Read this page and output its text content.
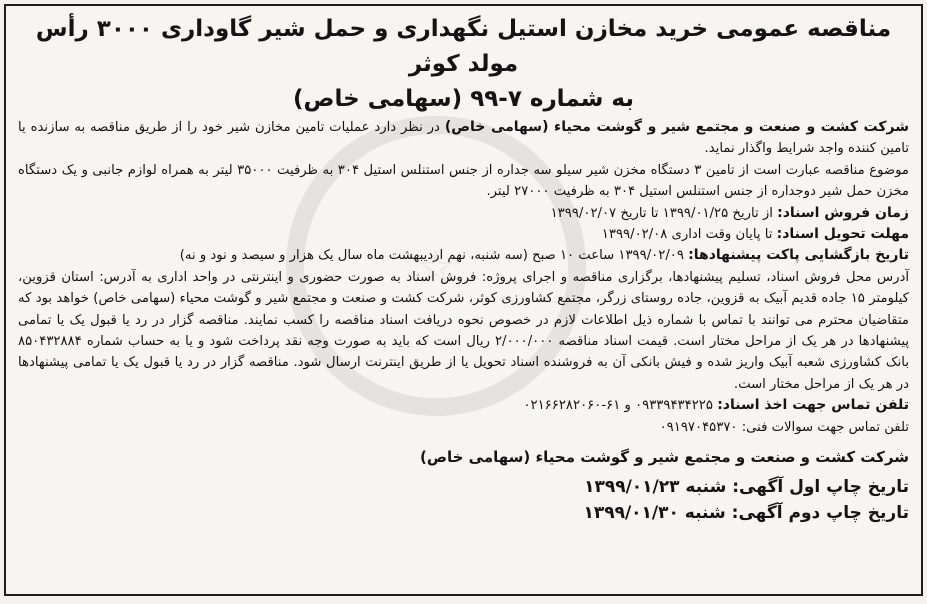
☆
مناقصه عمومی خرید مخازن استیل نگهداری و حمل شیر گاوداری ۳۰۰۰ رأس مولد کوثر
به شماره ۷-۹۹ (سهامی خاص)

شرکت کشت و صنعت و مجتمع شیر و گوشت محیاء (سهامی خاص) در نظر دارد عملیات تامین مخازن شیر خود را از طریق مناقصه به سازنده یا تامین کننده واجد شرایط واگذار نماید.

موضوع مناقصه عبارت است از تامین ۳ دستگاه مخزن شیر سیلو سه جداره از جنس استنلس استیل ۳۰۴ به ظرفیت ۳۵۰۰۰ لیتر به همراه لوازم جانبی و یک دستگاه مخزن حمل شیر دوجداره از جنس استنلس استیل ۳۰۴ به ظرفیت ۲۷۰۰۰ لیتر.

زمان فروش اسناد: از تاریخ ۱۳۹۹/۰۱/۲۵ تا تاریخ ۱۳۹۹/۰۲/۰۷

مهلت تحویل اسناد: تا پایان وقت اداری ۱۳۹۹/۰۲/۰۸

تاریخ بازگشایی پاکت پیشنهادها: ۱۳۹۹/۰۲/۰۹ ساعت ۱۰ صبح (سه شنبه، نهم اردیبهشت ماه سال یک هزار و سیصد و نود و نه)

آدرس محل فروش اسناد، تسلیم پیشنهادها، برگزاری مناقصه و اجرای پروژه: فروش اسناد به صورت حضوری و اینترنتی در واحد اداری به آدرس: استان قزوین، کیلومتر ۱۵ جاده قدیم آبیک به قزوین، جاده روستای زرگر، مجتمع کشاورزی کوثر، شرکت کشت و صنعت و مجتمع شیر و گوشت محیاء (سهامی خاص) خواهد بود که متقاضیان محترم می توانند با تماس با شماره ذیل اطلاعات لازم در خصوص نحوه دریافت اسناد مناقصه را کسب نمایند. مناقصه گزار در رد یا قبول یک یا تمامی پیشنهادها در هر یک از مراحل مختار است. قیمت اسناد مناقصه ۲/۰۰۰/۰۰۰ ریال است که باید به صورت وجه نقد پرداخت شود و یا به حساب شماره ۸۵۰۴۳۲۸۸۴ بانک کشاورزی شعبه آبیک واریز شده و فیش بانکی آن به فروشنده اسناد تحویل یا از طریق اینترنت ارسال شود. مناقصه گزار در رد یا قبول یک یا تمامی پیشنهادها در هر یک از مراحل مختار است.

تلفن تماس جهت اخذ اسناد: ۰۹۳۳۹۴۳۴۲۲۵ و ۶۱-۰۲۱۶۶۲۸۲۰۶۰

تلفن تماس جهت سوالات فنی: ۰۹۱۹۷۰۴۵۳۷۰

شرکت کشت و صنعت و مجتمع شیر و گوشت محیاء (سهامی خاص)

تاریخ چاپ اول آگهی: شنبه ۱۳۹۹/۰۱/۲۳

تاریخ چاپ دوم آگهی: شنبه ۱۳۹۹/۰۱/۳۰
